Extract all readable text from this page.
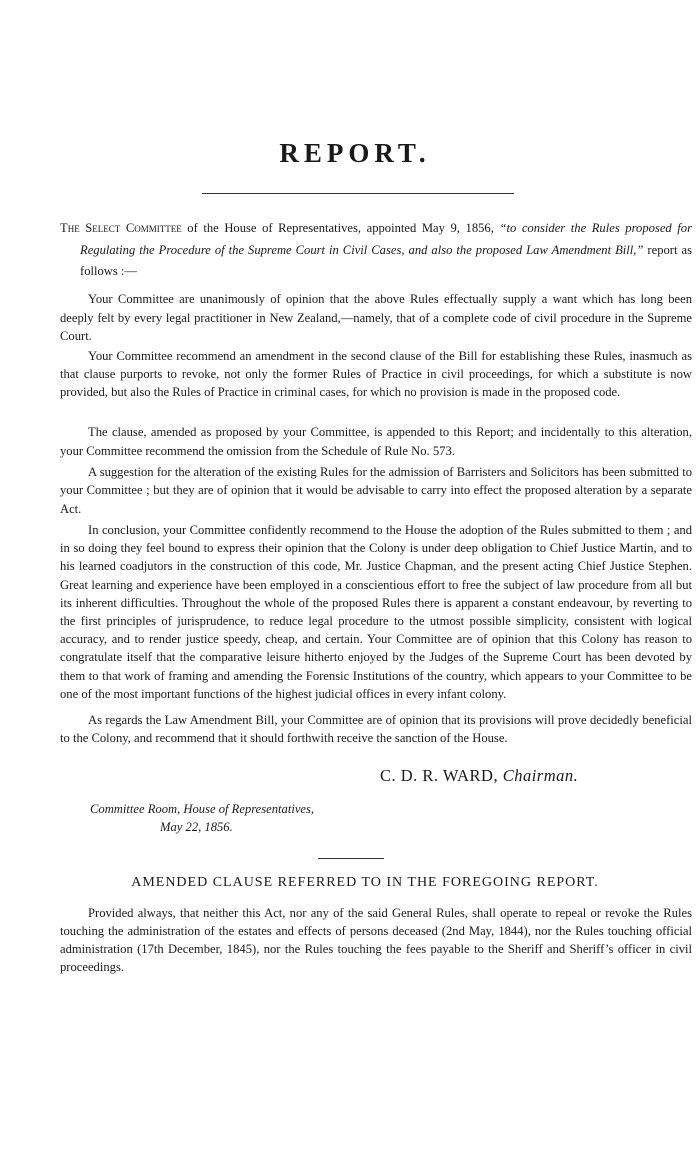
REPORT.
The Select Committee of the House of Representatives, appointed May 9, 1856, “to consider the Rules proposed for Regulating the Procedure of the Supreme Court in Civil Cases, and also the proposed Law Amendment Bill,” report as follows :—

Your Committee are unanimously of opinion that the above Rules effectually supply a want which has long been deeply felt by every legal practitioner in New Zealand,—namely, that of a complete code of civil procedure in the Supreme Court.

Your Committee recommend an amendment in the second clause of the Bill for establishing these Rules, inasmuch as that clause purports to revoke, not only the former Rules of Practice in civil proceedings, for which a substitute is now provided, but also the Rules of Practice in criminal cases, for which no provision is made in the proposed code.

The clause, amended as proposed by your Committee, is appended to this Report; and incidentally to this alteration, your Committee recommend the omission from the Schedule of Rule No. 573.

A suggestion for the alteration of the existing Rules for the admission of Barristers and Solicitors has been submitted to your Committee ; but they are of opinion that it would be advisable to carry into effect the proposed alteration by a separate Act.

In conclusion, your Committee confidently recommend to the House the adoption of the Rules submitted to them ; and in so doing they feel bound to express their opinion that the Colony is under deep obligation to Chief Justice Martin, and to his learned coadjutors in the construction of this code, Mr. Justice Chapman, and the present acting Chief Justice Stephen. Great learning and experience have been employed in a conscientious effort to free the subject of law procedure from all but its inherent difficulties. Throughout the whole of the proposed Rules there is apparent a constant endeavour, by reverting to the first principles of jurisprudence, to reduce legal procedure to the utmost possible simplicity, consistent with logical accuracy, and to render justice speedy, cheap, and certain. Your Committee are of opinion that this Colony has reason to congratulate itself that the comparative leisure hitherto enjoyed by the Judges of the Supreme Court has been devoted by them to that work of framing and amending the Forensic Institutions of the country, which appears to your Committee to be one of the most important functions of the highest judicial offices in every infant colony.

As regards the Law Amendment Bill, your Committee are of opinion that its provisions will prove decidedly beneficial to the Colony, and recommend that it should forthwith receive the sanction of the House.

C. D. R. WARD, Chairman.
Committee Room, House of Representatives,
May 22, 1856.
AMENDED CLAUSE REFERRED TO IN THE FOREGOING REPORT.

Provided always, that neither this Act, nor any of the said General Rules, shall operate to repeal or revoke the Rules touching the administration of the estates and effects of persons deceased (2nd May, 1844), nor the Rules touching official administration (17th December, 1845), nor the Rules touching the fees payable to the Sheriff and Sheriff’s officer in civil proceedings.
